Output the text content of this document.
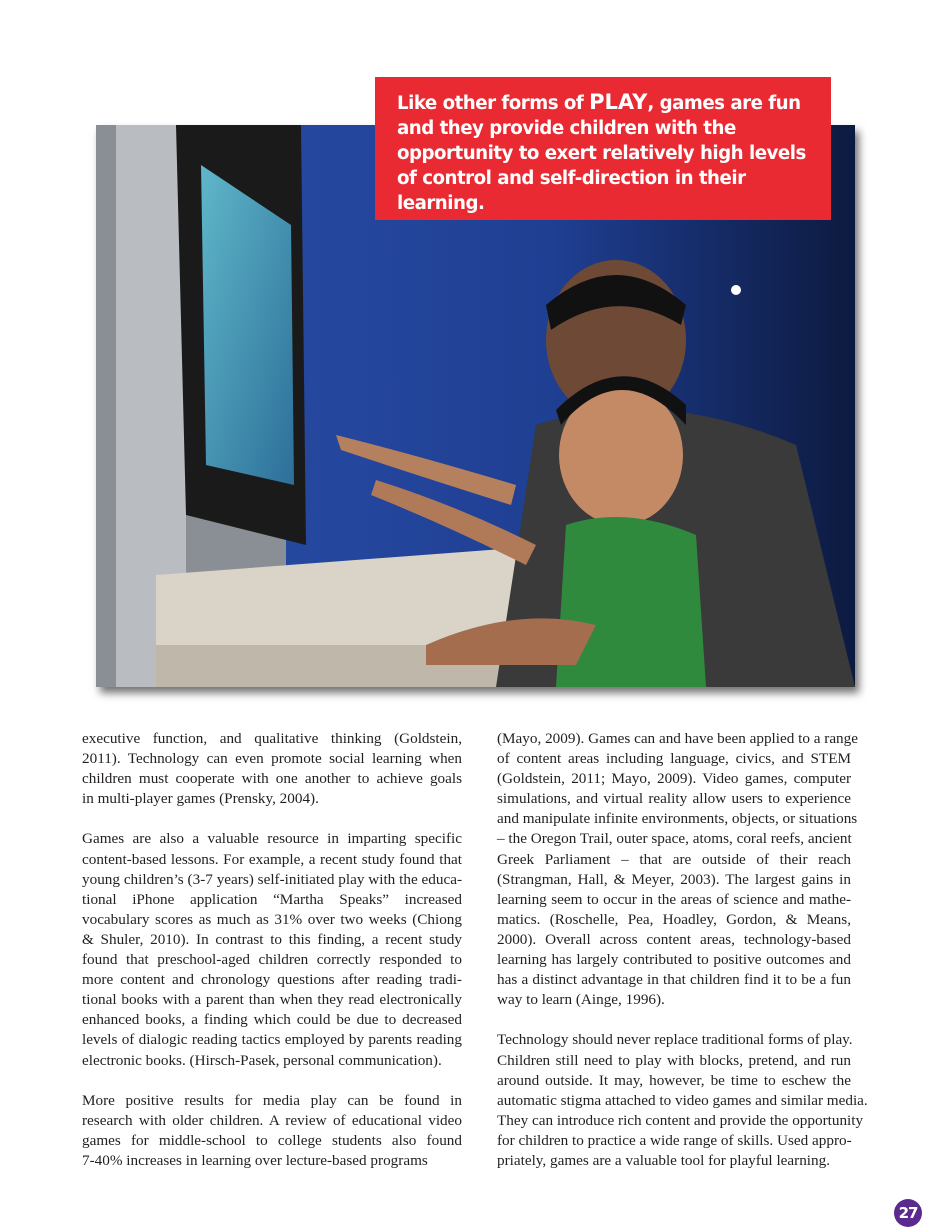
Like other forms of PLAY, games are fun and they provide children with the opportunity to exert relatively high levels of control and self-direction in their learning.
executive function, and qualitative thinking (Goldstein,
2011). Technology can even promote social learning when
children must cooperate with one another to achieve goals
in multi-player games (Prensky, 2004).
Games are also a valuable resource in imparting specific
content-based lessons. For example, a recent study found that
young children’s (3-7 years) self-initiated play with the educa-
tional iPhone application “Martha Speaks” increased
vocabulary scores as much as 31% over two weeks (Chiong
& Shuler, 2010). In contrast to this finding, a recent study
found that preschool-aged children correctly responded to
more content and chronology questions after reading tradi-
tional books with a parent than when they read electronically
enhanced books, a finding which could be due to decreased
levels of dialogic reading tactics employed by parents reading
electronic books. (Hirsch-Pasek, personal communication).
More positive results for media play can be found in
research with older children. A review of educational video
games for middle-school to college students also found
7-40% increases in learning over lecture-based programs
(Mayo, 2009). Games can and have been applied to a range
of content areas including language, civics, and STEM
(Goldstein, 2011; Mayo, 2009). Video games, computer
simulations, and virtual reality allow users to experience
and manipulate infinite environments, objects, or situations
– the Oregon Trail, outer space, atoms, coral reefs, ancient
Greek Parliament – that are outside of their reach
(Strangman, Hall, & Meyer, 2003). The largest gains in
learning seem to occur in the areas of science and mathe-
matics. (Roschelle, Pea, Hoadley, Gordon, & Means,
2000). Overall across content areas, technology-based
learning has largely contributed to positive outcomes and
has a distinct advantage in that children find it to be a fun
way to learn (Ainge, 1996).
Technology should never replace traditional forms of play.
Children still need to play with blocks, pretend, and run
around outside. It may, however, be time to eschew the
automatic stigma attached to video games and similar media.
They can introduce rich content and provide the opportunity
for children to practice a wide range of skills. Used appro-
priately, games are a valuable tool for playful learning.
27
